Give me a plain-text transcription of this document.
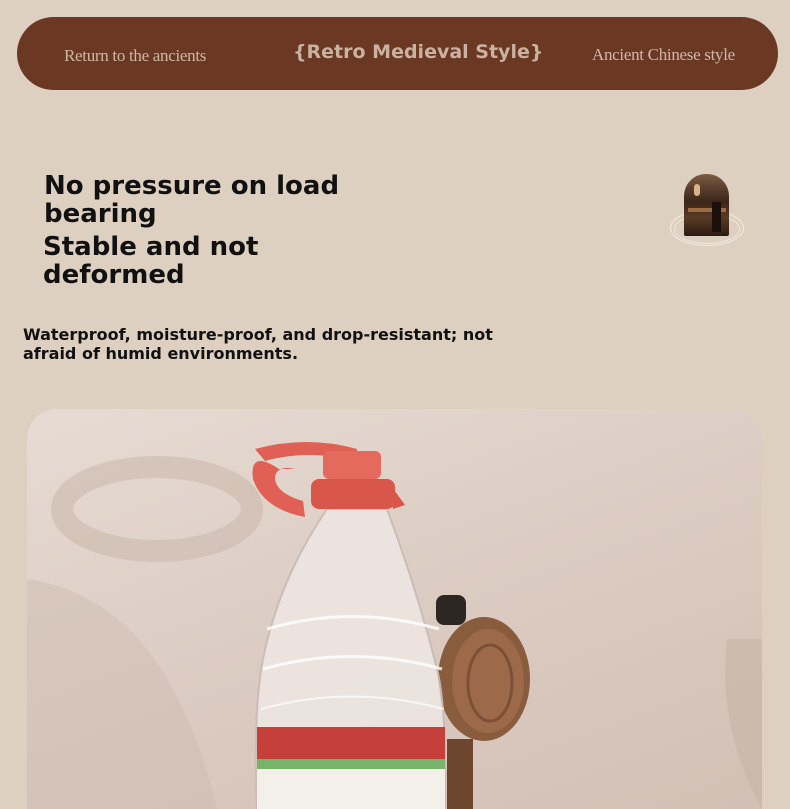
Return to the ancients	{Retro Medieval Style}	Ancient Chinese style
No pressure on load bearing
Stable and not deformed

Waterproof, moisture-proof, and drop-resistant; not afraid of humid environments.
